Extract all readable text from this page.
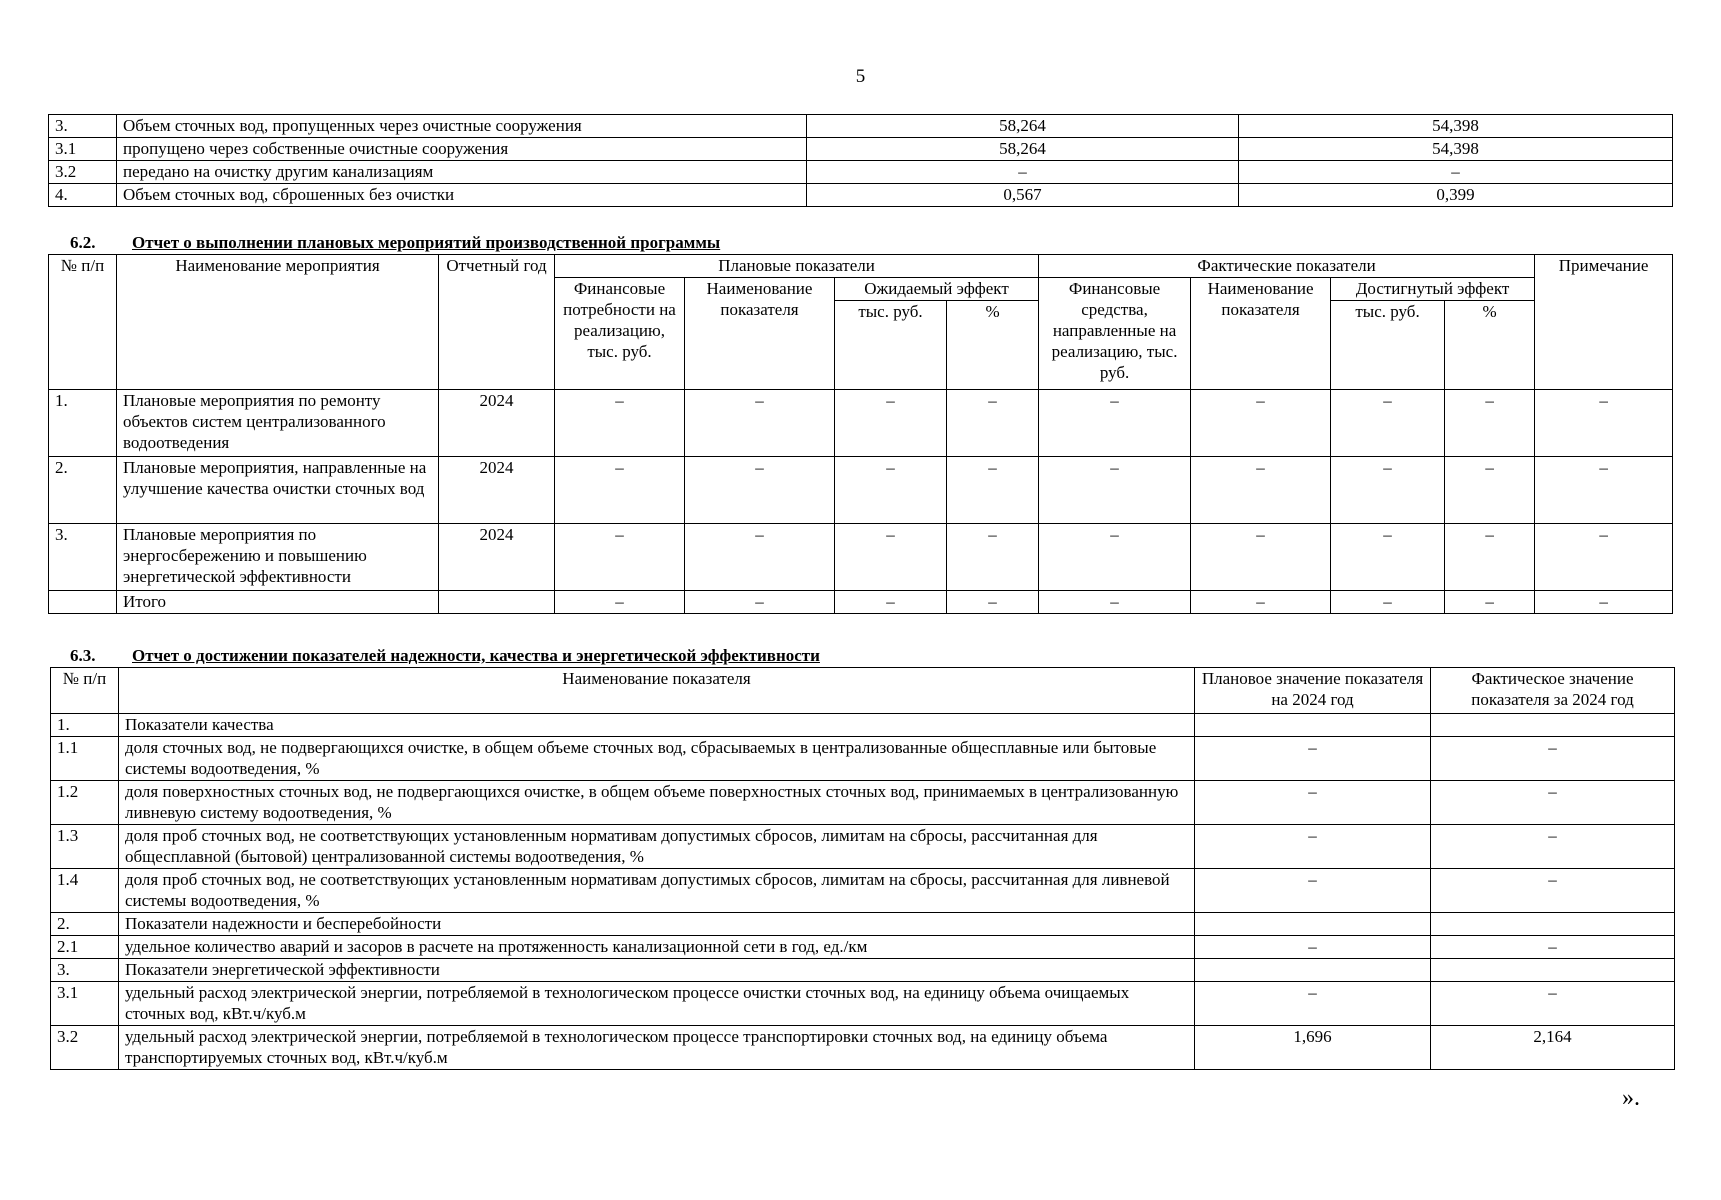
5
3.	Объем сточных вод, пропущенных через очистные сооружения	58,264	54,398
3.1	пропущено через собственные очистные сооружения	58,264	54,398
3.2	передано на очистку другим канализациям	–	–
4.	Объем сточных вод, сброшенных без очистки	0,567	0,399
6.2. Отчет о выполнении плановых мероприятий производственной программы
№ п/п	Наименование мероприятия	Отчетный год	Плановые показатели				Фактические показатели				Примечание
			Финансовые потребности на реализацию, тыс. руб.	Наименование показателя	Ожидаемый эффект		Финансовые средства, направленные на реализацию, тыс. руб.	Наименование показателя	Достигнутый эффект		
					тыс. руб.	%			тыс. руб.	%	
1.	Плановые мероприятия по ремонту объектов систем централизованного водоотведения	2024	–	–	–	–	–	–	–	–	–
2.	Плановые мероприятия, направленные на улучшение качества очистки сточных вод	2024	–	–	–	–	–	–	–	–	–
3.	Плановые мероприятия по энергосбережению и повышению энергетической эффективности	2024	–	–	–	–	–	–	–	–	–
	Итого		–	–	–	–	–	–	–	–	–
6.3. Отчет о достижении показателей надежности, качества и энергетической эффективности
№ п/п	Наименование показателя	Плановое значение показателя на 2024 год	Фактическое значение показателя за 2024 год
1.	Показатели качества		
1.1	доля сточных вод, не подвергающихся очистке, в общем объеме сточных вод, сбрасываемых в централизованные общесплавные или бытовые системы водоотведения, %	–	–
1.2	доля поверхностных сточных вод, не подвергающихся очистке, в общем объеме поверхностных сточных вод, принимаемых в централизованную ливневую систему водоотведения, %	–	–
1.3	доля проб сточных вод, не соответствующих установленным нормативам допустимых сбросов, лимитам на сбросы, рассчитанная для общесплавной (бытовой) централизованной системы водоотведения, %	–	–
1.4	доля проб сточных вод, не соответствующих установленным нормативам допустимых сбросов, лимитам на сбросы, рассчитанная для ливневой системы водоотведения, %	–	–
2.	Показатели надежности и бесперебойности		
2.1	удельное количество аварий и засоров в расчете на протяженность канализационной сети в год, ед./км	–	–
3.	Показатели энергетической эффективности		
3.1	удельный расход электрической энергии, потребляемой в технологическом процессе очистки сточных вод, на единицу объема очищаемых сточных вод, кВт.ч/куб.м	–	–
3.2	удельный расход электрической энергии, потребляемой в технологическом процессе транспортировки сточных вод, на единицу объема транспортируемых сточных вод, кВт.ч/куб.м	1,696	2,164
».
